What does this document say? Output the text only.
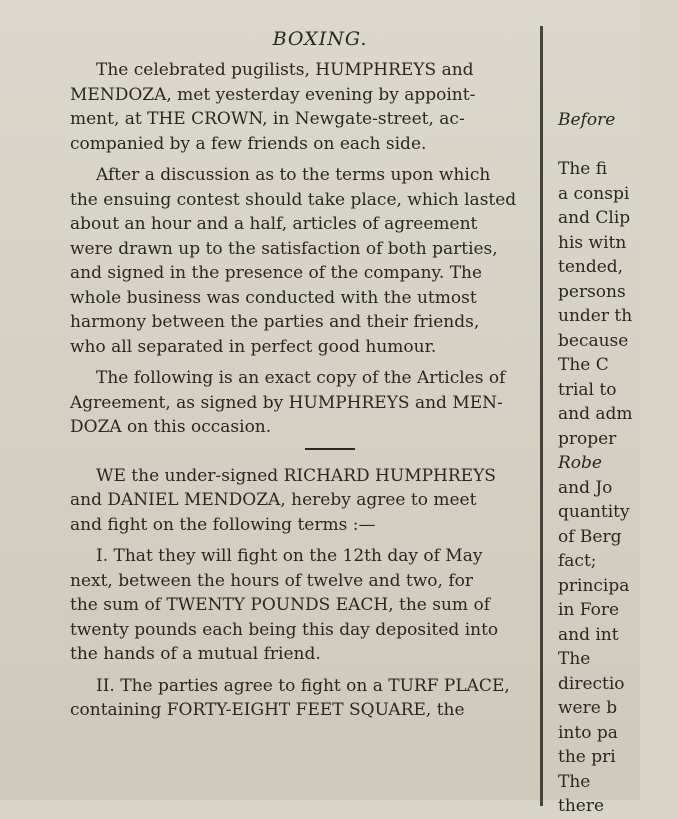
BOXING.
The celebrated pugilists, HUMPHREYS and
MENDOZA, met yesterday evening by appoint-
ment, at THE CROWN, in Newgate-street, ac-
companied by a few friends on each side.
After a discussion as to the terms upon which
the ensuing contest should take place, which lasted
about an hour and a half, articles of agreement
were drawn up to the satisfaction of both parties,
and signed in the presence of the company. The
whole business was conducted with the utmost
harmony between the parties and their friends,
who all separated in perfect good humour.
The following is an exact copy of the Articles of
Agreement, as signed by HUMPHREYS and MEN-
DOZA on this occasion.
WE the under-signed RICHARD HUMPHREYS
and DANIEL MENDOZA, hereby agree to meet
and fight on the following terms :—
I. That they will fight on the 12th day of May
next, between the hours of twelve and two, for
the sum of TWENTY POUNDS EACH, the sum of
twenty pounds each being this day deposited into
the hands of a mutual friend.
II. The parties agree to fight on a TURF PLACE,
containing FORTY-EIGHT FEET SQUARE, the
Before

The fi
a conspi
and Clip
his witn
tended,
persons
under th
because
The C
trial to
and adm
proper
Robe
and Jo
quantity
of Berg
fact;
principa
in Fore
and int
The
directio
were b
into pa
the pri
The
there
